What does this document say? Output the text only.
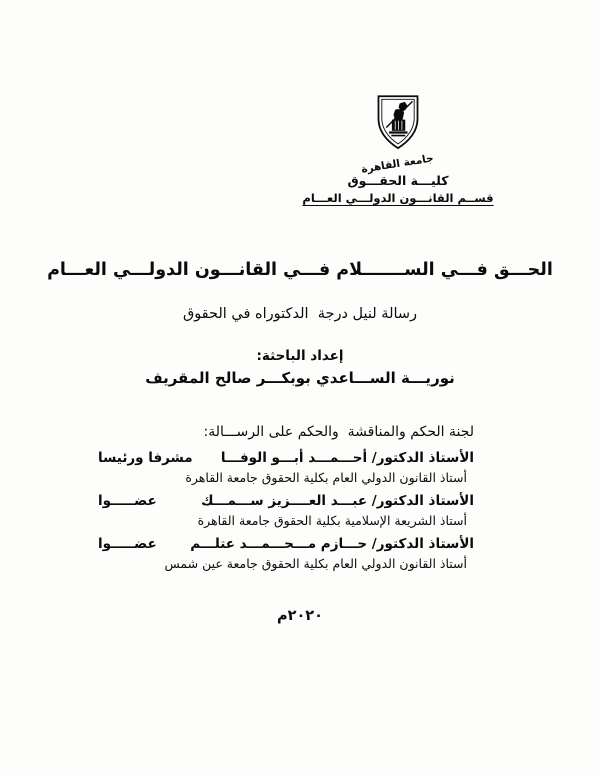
جامعة القاهرة
كليـــة الحقـــوق
قســم القانـــون الدولـــي العـــام
الحـــق فـــي الســـــــلام فـــي القانـــون الدولـــي العـــام
رسالة لنيل درجة  الدكتوراه في الحقوق
إعداد الباحثة:
نوريـــة الســـاعدي بوبكـــر صالح المقريف
لجنة الحكم والمناقشة  والحكم على الرســـالة:
الأستاذ الدكتور/ أحـــمـــد أبـــو الوفـــا
مشرفا ورئيسا
أستاذ القانون الدولي العام بكلية الحقوق جامعة القاهرة
الأستاذ الدكتور/ عبـــد العــــزيز ســـمـــك
عضـــــوا
أستاذ الشريعة الإسلامية بكلية الحقوق جامعة القاهرة
الأستاذ الدكتور/ حـــازم مـــحـــمـــد عتلـــم
عضـــــوا
أستاذ القانون الدولي العام بكلية الحقوق جامعة عين شمس
٢٠٢٠م
